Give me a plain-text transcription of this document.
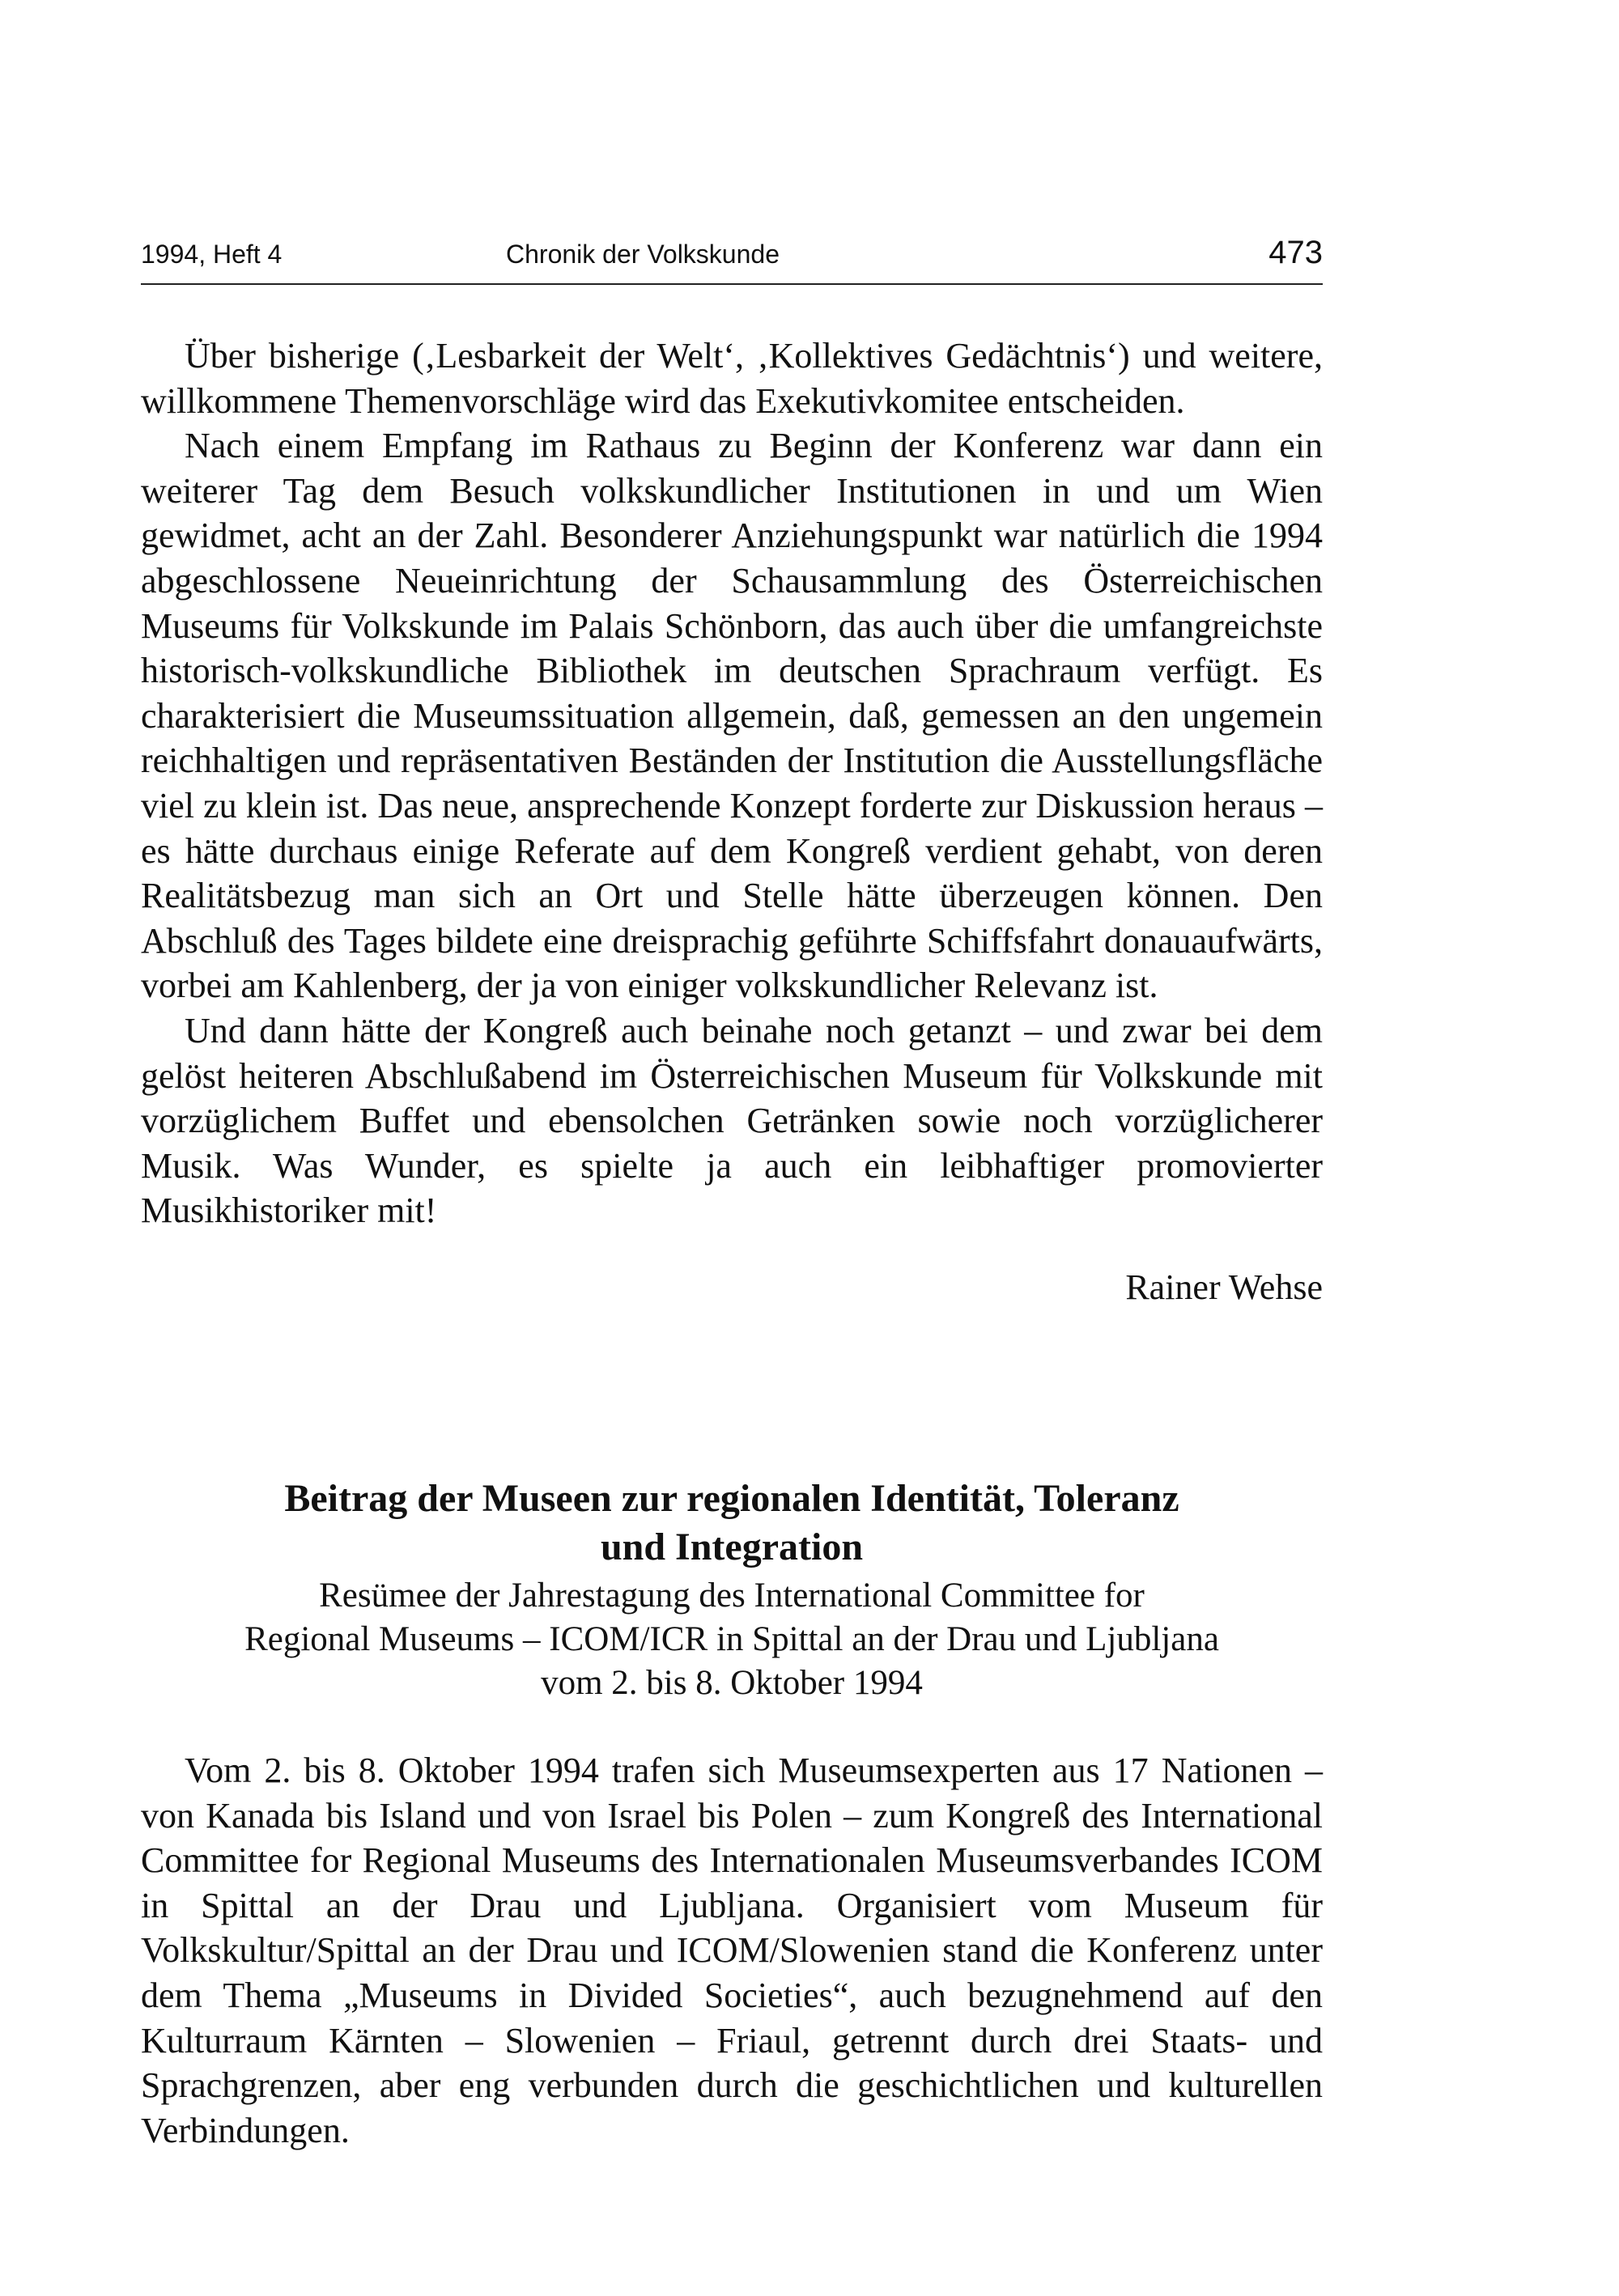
1994, Heft 4	Chronik der Volkskunde	473

Über bisherige (‚Lesbarkeit der Welt‘, ‚Kollektives Gedächtnis‘) und weitere, willkommene Themenvorschläge wird das Exekutivkomitee entscheiden.

Nach einem Empfang im Rathaus zu Beginn der Konferenz war dann ein weiterer Tag dem Besuch volkskundlicher Institutionen in und um Wien gewidmet, acht an der Zahl. Besonderer Anziehungspunkt war natürlich die 1994 abgeschlossene Neueinrichtung der Schausammlung des Österreichischen Museums für Volkskunde im Palais Schönborn, das auch über die umfangreichste historisch-volkskundliche Bibliothek im deutschen Sprachraum verfügt. Es charakterisiert die Museumssituation allgemein, daß, gemessen an den ungemein reichhaltigen und repräsentativen Beständen der Institution die Ausstellungsfläche viel zu klein ist. Das neue, ansprechende Konzept forderte zur Diskussion heraus – es hätte durchaus einige Referate auf dem Kongreß verdient gehabt, von deren Realitätsbezug man sich an Ort und Stelle hätte überzeugen können. Den Abschluß des Tages bildete eine dreisprachig geführte Schiffsfahrt donauaufwärts, vorbei am Kahlenberg, der ja von einiger volkskundlicher Relevanz ist.

Und dann hätte der Kongreß auch beinahe noch getanzt – und zwar bei dem gelöst heiteren Abschlußabend im Österreichischen Museum für Volkskunde mit vorzüglichem Buffet und ebensolchen Getränken sowie noch vorzüglicherer Musik. Was Wunder, es spielte ja auch ein leibhaftiger promovierter Musikhistoriker mit!

Rainer Wehse
Beitrag der Museen zur regionalen Identität, Toleranz
und Integration
Resümee der Jahrestagung des International Committee for
Regional Museums – ICOM/ICR in Spittal an der Drau und Ljubljana
vom 2. bis 8. Oktober 1994

Vom 2. bis 8. Oktober 1994 trafen sich Museumsexperten aus 17 Nationen – von Kanada bis Island und von Israel bis Polen – zum Kongreß des International Committee for Regional Museums des Internationalen Museumsverbandes ICOM in Spittal an der Drau und Ljubljana. Organisiert vom Museum für Volkskultur/Spittal an der Drau und ICOM/Slowenien stand die Konferenz unter dem Thema „Museums in Divided Societies“, auch bezugnehmend auf den Kulturraum Kärnten – Slowenien – Friaul, getrennt durch drei Staats- und Sprachgrenzen, aber eng verbunden durch die geschichtlichen und kulturellen Verbindungen.
